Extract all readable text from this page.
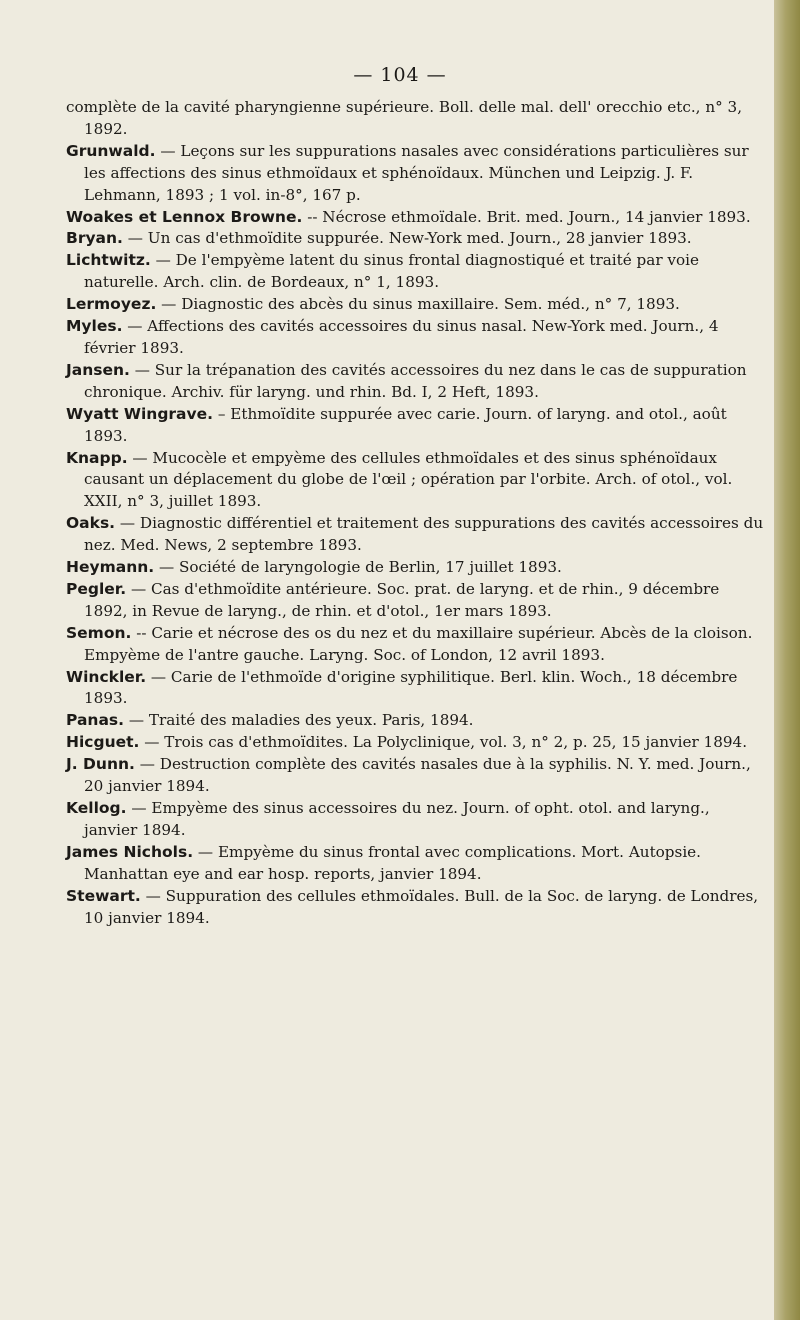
— 104 —

complète de la cavité pharyngienne supérieure. Boll. delle mal. dell' orecchio etc., n° 3, 1892.

Grunwald. — Leçons sur les suppurations nasales avec considérations particulières sur les affections des sinus ethmoïdaux et sphénoïdaux. München und Leipzig. J. F. Lehmann, 1893 ; 1 vol. in-8°, 167 p.

Woakes et Lennox Browne. -- Nécrose ethmoïdale. Brit. med. Journ., 14 janvier 1893.

Bryan. — Un cas d'ethmoïdite suppurée. New-York med. Journ., 28 janvier 1893.

Lichtwitz. — De l'empyème latent du sinus frontal diagnostiqué et traité par voie naturelle. Arch. clin. de Bordeaux, n° 1, 1893.

Lermoyez. — Diagnostic des abcès du sinus maxillaire. Sem. méd., n° 7, 1893.

Myles. — Affections des cavités accessoires du sinus nasal. New-York med. Journ., 4 février 1893.

Jansen. — Sur la trépanation des cavités accessoires du nez dans le cas de suppuration chronique. Archiv. für laryng. und rhin. Bd. I, 2 Heft, 1893.

Wyatt Wingrave. – Ethmoïdite suppurée avec carie. Journ. of laryng. and otol., août 1893.

Knapp. — Mucocèle et empyème des cellules ethmoïdales et des sinus sphénoïdaux causant un déplacement du globe de l'œil ; opération par l'orbite. Arch. of otol., vol. XXII, n° 3, juillet 1893.

Oaks. — Diagnostic différentiel et traitement des suppurations des cavités accessoires du nez. Med. News, 2 septembre 1893.

Heymann. — Société de laryngologie de Berlin, 17 juillet 1893.

Pegler. — Cas d'ethmoïdite antérieure. Soc. prat. de laryng. et de rhin., 9 décembre 1892, in Revue de laryng., de rhin. et d'otol., 1er mars 1893.

Semon. -- Carie et nécrose des os du nez et du maxillaire supérieur. Abcès de la cloison. Empyème de l'antre gauche. Laryng. Soc. of London, 12 avril 1893.

Winckler. — Carie de l'ethmoïde d'origine syphilitique. Berl. klin. Woch., 18 décembre 1893.

Panas. — Traité des maladies des yeux. Paris, 1894.

Hicguet. — Trois cas d'ethmoïdites. La Polyclinique, vol. 3, n° 2, p. 25, 15 janvier 1894.

J. Dunn. — Destruction complète des cavités nasales due à la syphilis. N. Y. med. Journ., 20 janvier 1894.

Kellog. — Empyème des sinus accessoires du nez. Journ. of opht. otol. and laryng., janvier 1894.

James Nichols. — Empyème du sinus frontal avec complications. Mort. Autopsie. Manhattan eye and ear hosp. reports, janvier 1894.

Stewart. — Suppuration des cellules ethmoïdales. Bull. de la Soc. de laryng. de Londres, 10 janvier 1894.
